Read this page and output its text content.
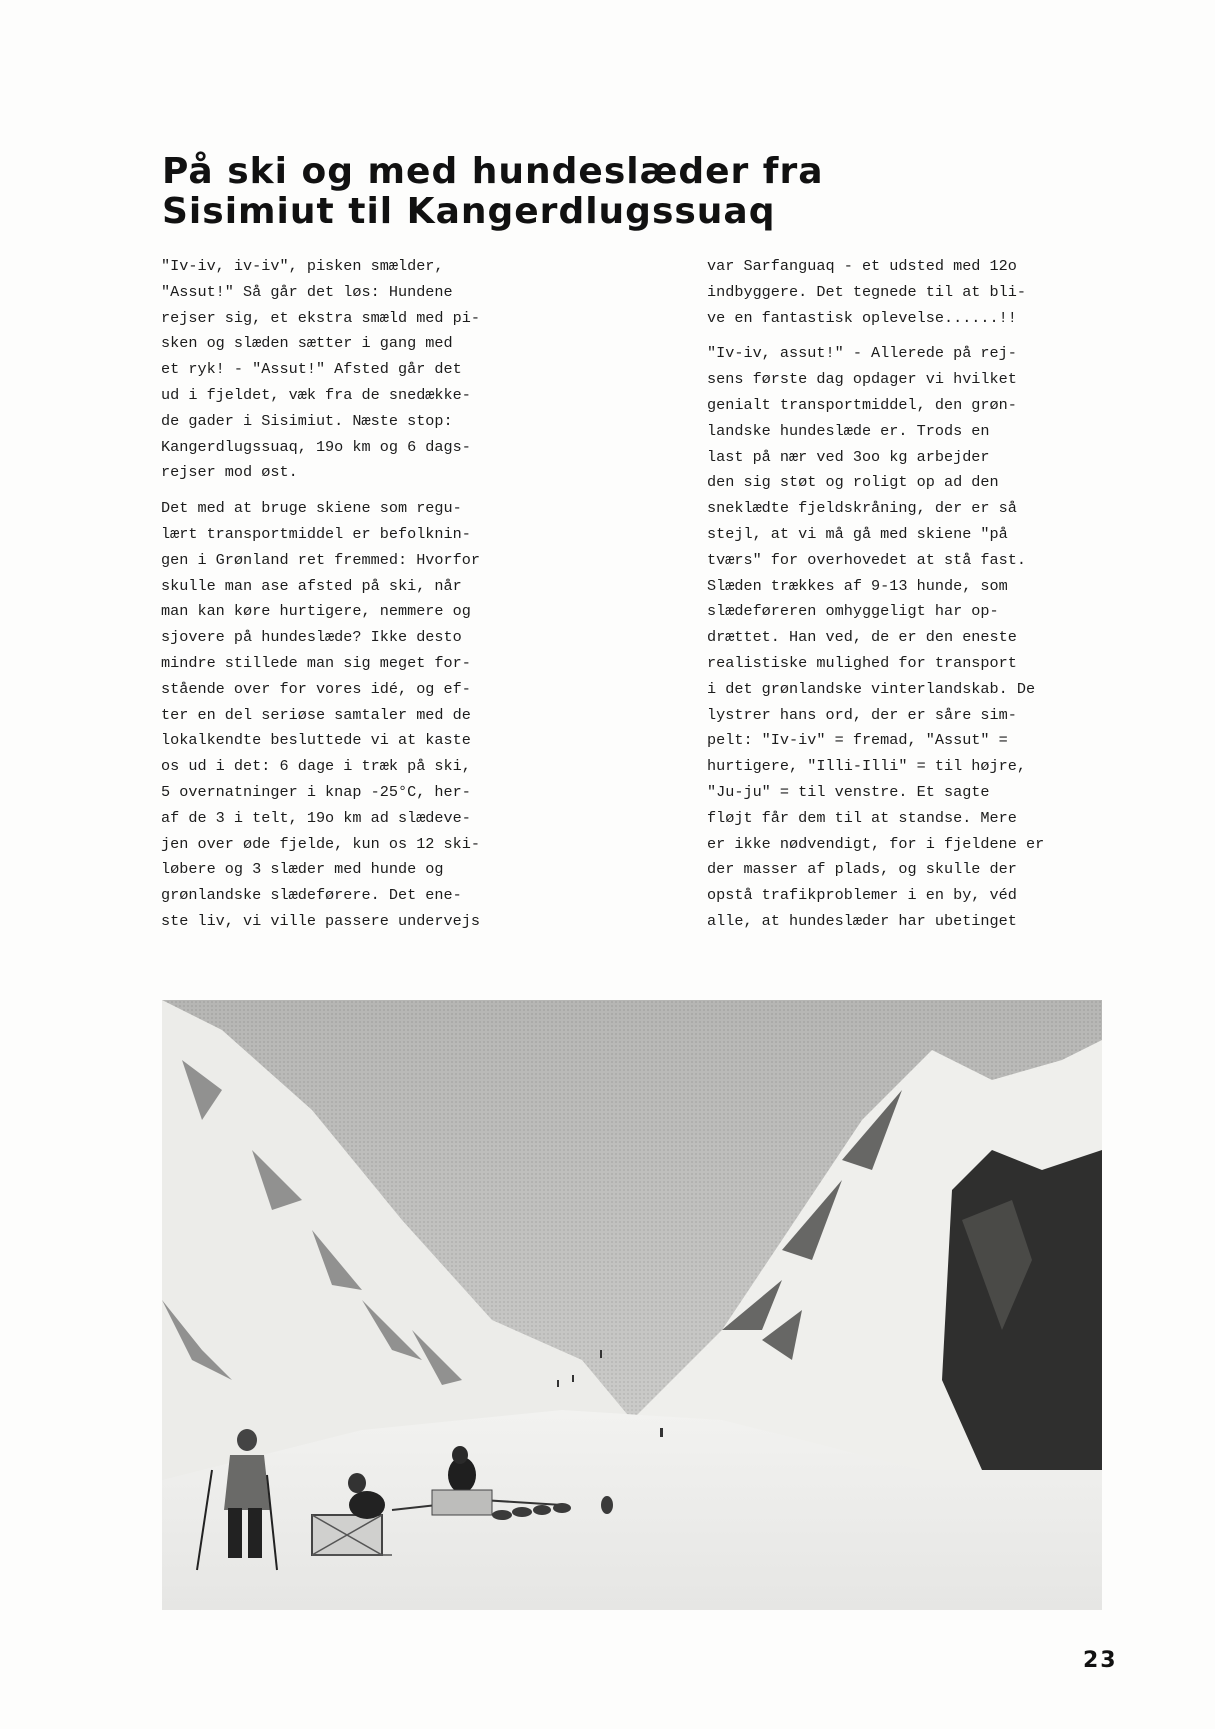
På ski og med hundeslæder fra
Sisimiut til Kangerdlugssuaq
"Iv-iv, iv-iv", pisken smælder,
"Assut!" Så går det løs: Hundene
rejser sig, et ekstra smæld med pi-
sken og slæden sætter i gang med
et ryk! - "Assut!" Afsted går det
ud i fjeldet, væk fra de snedække-
de gader i Sisimiut. Næste stop:
Kangerdlugssuaq, 19o km og 6 dags-
rejser mod øst.
Det med at bruge skiene som regu-
lært transportmiddel er befolknin-
gen i Grønland ret fremmed: Hvorfor
skulle man ase afsted på ski, når
man kan køre hurtigere, nemmere og
sjovere på hundeslæde? Ikke desto
mindre stillede man sig meget for-
stående over for vores idé, og ef-
ter en del seriøse samtaler med de
lokalkendte besluttede vi at kaste
os ud i det: 6 dage i træk på ski,
5 overnatninger i knap -25°C, her-
af de 3 i telt, 19o km ad slædeve-
jen over øde fjelde, kun os 12 ski-
løbere og 3 slæder med hunde og
grønlandske slædeførere. Det ene-
ste liv, vi ville passere undervejs
var Sarfanguaq - et udsted med 12o
indbyggere. Det tegnede til at bli-
ve en fantastisk oplevelse......!!
"Iv-iv, assut!" - Allerede på rej-
sens første dag opdager vi hvilket
genialt transportmiddel, den grøn-
landske hundeslæde er. Trods en
last på nær ved 3oo kg arbejder
den sig støt og roligt op ad den
sneklædte fjeldskråning, der er så
stejl, at vi må gå med skiene "på
tværs" for overhovedet at stå fast.
Slæden trækkes af 9-13 hunde, som
slædeføreren omhyggeligt har op-
drættet. Han ved, de er den eneste
realistiske mulighed for transport
i det grønlandske vinterlandskab. De
lystrer hans ord, der er såre sim-
pelt: "Iv-iv" = fremad, "Assut" =
hurtigere, "Illi-Illi" = til højre,
"Ju-ju" = til venstre. Et sagte
fløjt får dem til at standse. Mere
er ikke nødvendigt, for i fjeldene er
der masser af plads, og skulle der
opstå trafikproblemer i en by, véd
alle, at hundeslæder har ubetinget
23
